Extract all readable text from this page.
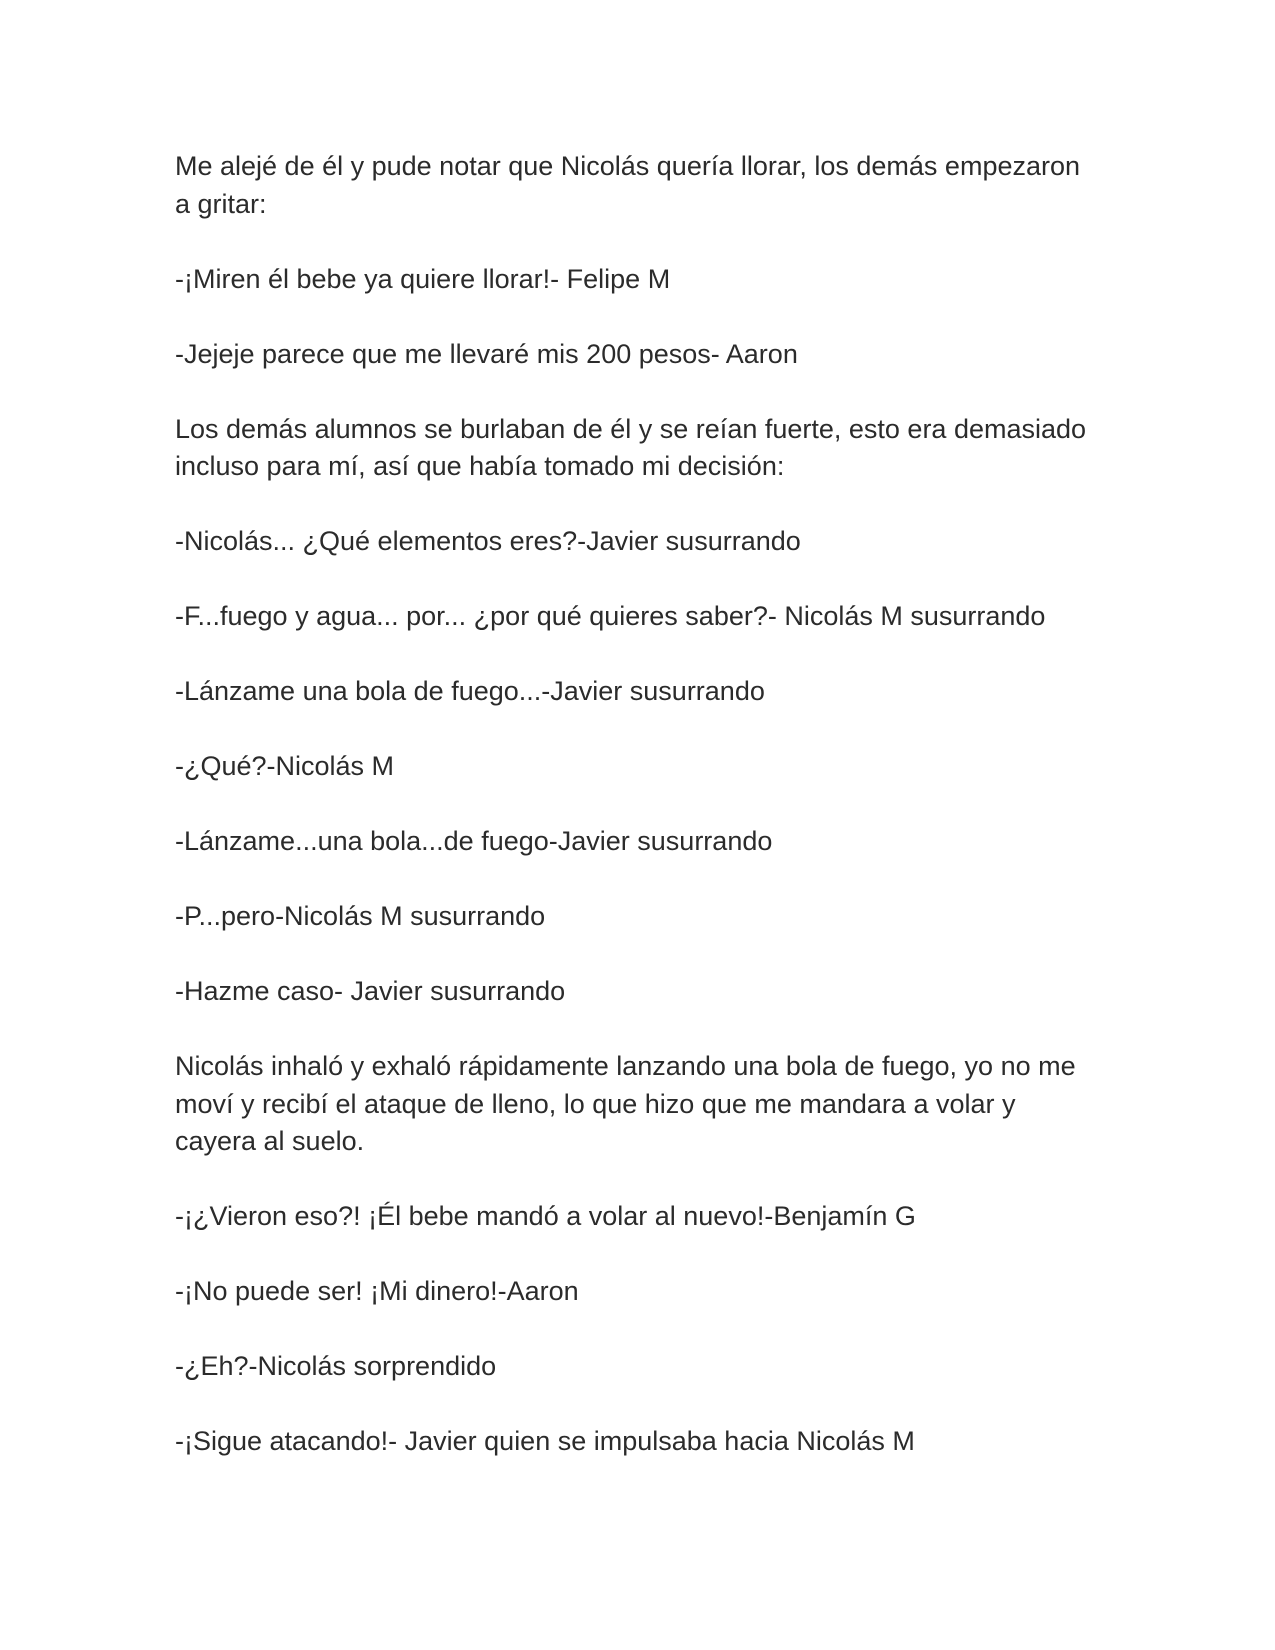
Me alejé de él y pude notar que Nicolás quería llorar, los demás empezaron a gritar:

-¡Miren él bebe ya quiere llorar!- Felipe M

-Jejeje parece que me llevaré mis 200 pesos- Aaron

Los demás alumnos se burlaban de él y se reían fuerte, esto era demasiado incluso para mí, así que había tomado mi decisión:

-Nicolás... ¿Qué elementos eres?-Javier susurrando

-F...fuego y agua... por... ¿por qué quieres saber?- Nicolás M susurrando

-Lánzame una bola de fuego...-Javier susurrando

-¿Qué?-Nicolás M

-Lánzame...una bola...de fuego-Javier susurrando

-P...pero-Nicolás M susurrando

-Hazme caso- Javier susurrando

Nicolás inhaló y exhaló rápidamente lanzando una bola de fuego, yo no me moví y recibí el ataque de lleno, lo que hizo que me mandara a volar y cayera al suelo.

-¡¿Vieron eso?! ¡Él bebe mandó a volar al nuevo!-Benjamín G

-¡No puede ser! ¡Mi dinero!-Aaron

-¿Eh?-Nicolás sorprendido

-¡Sigue atacando!- Javier quien se impulsaba hacia Nicolás M
